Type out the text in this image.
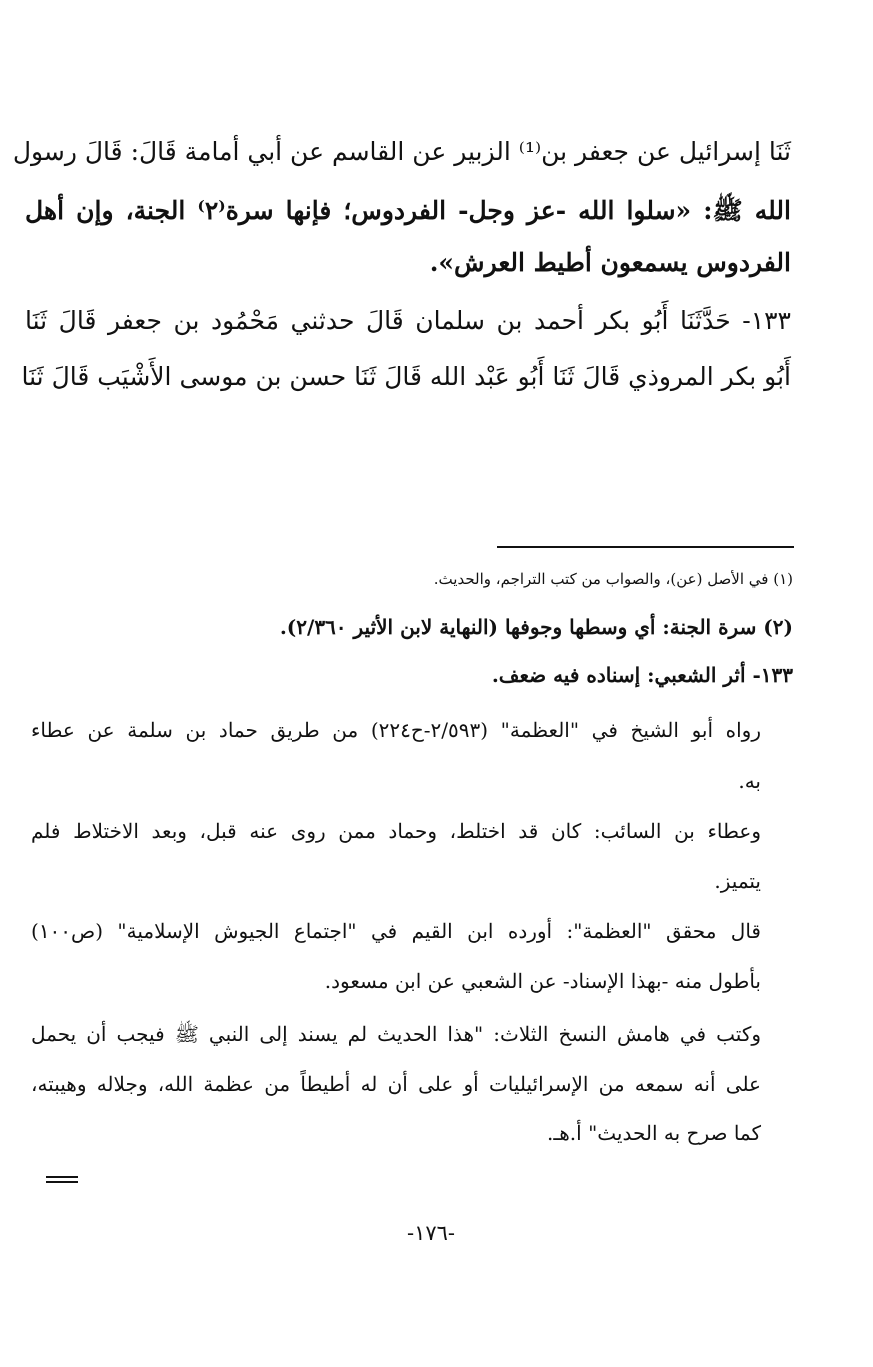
ثَنَا إسرائيل عن جعفر بن⁽¹⁾ الزبير عن القاسم عن أبي أمامة قَالَ: قَالَ رسول
الله ﷺ: «سلوا الله -عز وجل- الفردوس؛ فإنها سرة⁽٢⁾ الجنة، وإن أهل
الفردوس يسمعون أطيط العرش».
١٣٣- حَدَّثَنَا أَبُو بكر أحمد بن سلمان قَالَ حدثني مَحْمُود بن جعفر قَالَ ثَنَا
أَبُو بكر المروذي قَالَ ثَنَا أَبُو عَبْد الله قَالَ ثَنَا حسن بن موسى الأَشْيَب قَالَ ثَنَا
(١) في الأصل (عن)، والصواب من كتب التراجم، والحديث.
(٢) سرة الجنة: أي وسطها وجوفها (النهاية لابن الأثير ٢/٣٦٠).
١٣٣- أثر الشعبي: إسناده فيه ضعف.
رواه أبو الشيخ في "العظمة" (٢/٥٩٣-ح٢٢٤) من طريق حماد بن سلمة عن عطاء
به.
وعطاء بن السائب: كان قد اختلط، وحماد ممن روى عنه قبل، وبعد الاختلاط فلم
يتميز.
قال محقق "العظمة": أورده ابن القيم في "اجتماع الجيوش الإسلامية" (ص١٠٠)
بأطول منه -بهذا الإسناد- عن الشعبي عن ابن مسعود.
وكتب في هامش النسخ الثلاث: "هذا الحديث لم يسند إلى النبي ﷺ فيجب أن يحمل
على أنه سمعه من الإسرائيليات أو على أن له أطيطاً من عظمة الله، وجلاله وهيبته،
كما صرح به الحديث" أ.هـ.
-١٧٦-
